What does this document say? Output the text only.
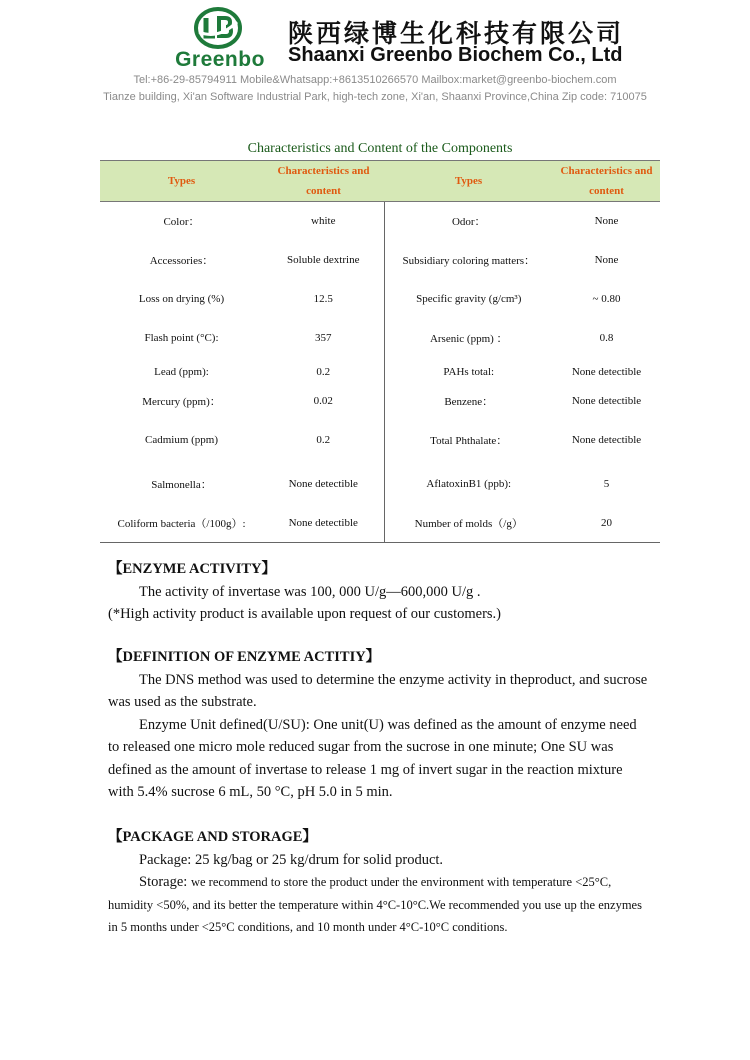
Greenbo
陕西绿博生化科技有限公司
Shaanxi Greenbo Biochem Co., Ltd
Tel:+86-29-85794911 Mobile&Whatsapp:+8613510266570 Mailbox:market@greenbo-biochem.com
Tianze building, Xi'an Software Industrial Park, high-tech zone, Xi'an, Shaanxi Province,China Zip code: 710075
Characteristics and Content of the Components
Types	Characteristics and content	Types	Characteristics and content
Color：	white	Odor：	None
Accessories：	Soluble dextrine	Subsidiary coloring matters：	None
Loss on drying (%)	12.5	Specific gravity (g/cm³)	~ 0.80
Flash point (°C):	357	Arsenic (ppm) ：	0.8
Lead (ppm):	0.2	PAHs total:	None detectible
Mercury (ppm)：	0.02	Benzene：	None detectible
Cadmium (ppm)	0.2	Total Phthalate：	None detectible
Salmonella：	None detectible	AflatoxinB1 (ppb):	5
Coliform bacteria（/100g）:	None detectible	Number of molds（/g）	20
【ENZYME ACTIVITY】
The activity of invertase was 100, 000 U/g—600,000 U/g .
(*High activity product is available upon request of our customers.)
【DEFINITION OF ENZYME ACTITIY】
The DNS method was used to determine the enzyme activity in theproduct, and sucrose was used as the substrate.
Enzyme Unit defined(U/SU): One unit(U) was defined as the amount of enzyme need to released one micro mole reduced sugar from the sucrose in one minute; One SU was defined as the amount of invertase to release 1 mg of invert sugar in the reaction mixture with 5.4% sucrose 6 mL, 50 °C, pH 5.0 in 5 min.
【PACKAGE AND STORAGE】
Package: 25 kg/bag or 25 kg/drum for solid product.
Storage: we recommend to store the product under the environment with temperature <25°C, humidity <50%, and its better the temperature within 4°C-10°C.We recommended you use up the enzymes in 5 months under <25°C conditions, and 10 month under 4°C-10°C conditions.
